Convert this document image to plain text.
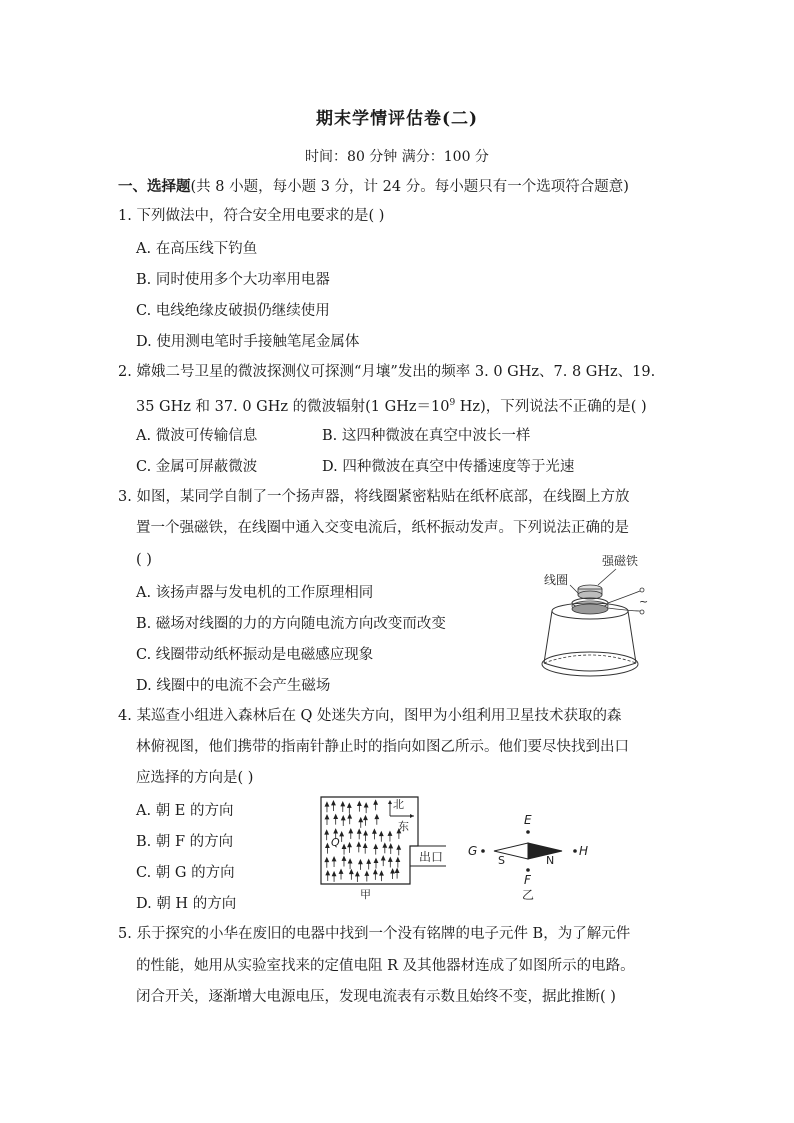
期末学情评估卷(二)
时间：80 分钟 满分：100 分
一、选择题(共 8 小题，每小题 3 分，计 24 分。每小题只有一个选项符合题意)
1. 下列做法中，符合安全用电要求的是( )
A. 在高压线下钓鱼
B. 同时使用多个大功率用电器
C. 电线绝缘皮破损仍继续使用
D. 使用测电笔时手接触笔尾金属体
2. 嫦娥二号卫星的微波探测仪可探测“月壤”发出的频率 3. 0 GHz、7. 8 GHz、19.
35 GHz 和 37. 0 GHz 的微波辐射(1 $GHz=10^9$ Hz)，下列说法不正确的是( )
A. 微波可传输信息	B. 这四种微波在真空中波长一样
C. 金属可屏蔽微波	D. 四种微波在真空中传播速度等于光速
3. 如图，某同学自制了一个扬声器，将线圈紧密粘贴在纸杯底部，在线圈上方放
置一个强磁铁，在线圈中通入交变电流后，纸杯振动发声。下列说法正确的是
( )
A. 该扬声器与发电机的工作原理相同
B. 磁场对线圈的力的方向随电流方向改变而改变
C. 线圈带动纸杯振动是电磁感应现象
D. 线圈中的电流不会产生磁场
强磁铁
线圈
~
4. 某巡查小组进入森林后在 Q 处迷失方向，图甲为小组利用卫星技术获取的森
林俯视图，他们携带的指南针静止时的指向如图乙所示。他们要尽快找到出口
应选择的方向是( )
A. 朝 E 的方向
B. 朝 F 的方向
C. 朝 G 的方向
D. 朝 H 的方向
北
东
出口
Q
甲
E
G	H
S	N
F
乙
5. 乐于探究的小华在废旧的电器中找到一个没有铭牌的电子元件 B，为了解元件
的性能，她用从实验室找来的定值电阻 R 及其他器材连成了如图所示的电路。
闭合开关，逐渐增大电源电压，发现电流表有示数且始终不变，据此推断( )
